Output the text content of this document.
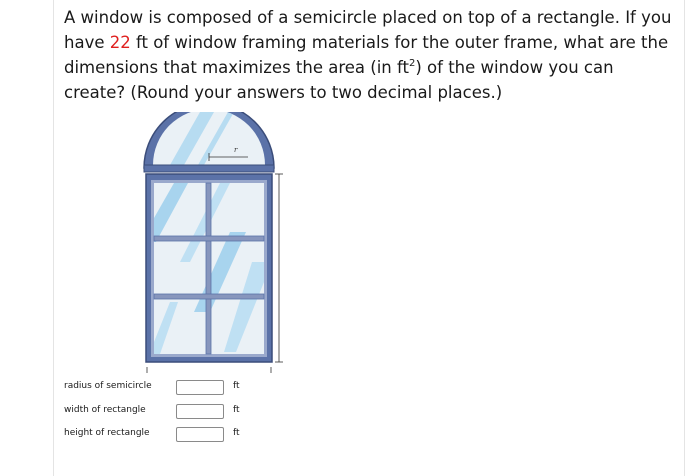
A window is composed of a semicircle placed on top of a rectangle. If you have 22 ft of window framing materials for the outer frame, what are the dimensions that maximizes the area (in $ft^2$) of the window you can create? (Round your answers to two decimal places.)
r
radius of semicircle	ft
width of rectangle	ft
height of rectangle	ft
